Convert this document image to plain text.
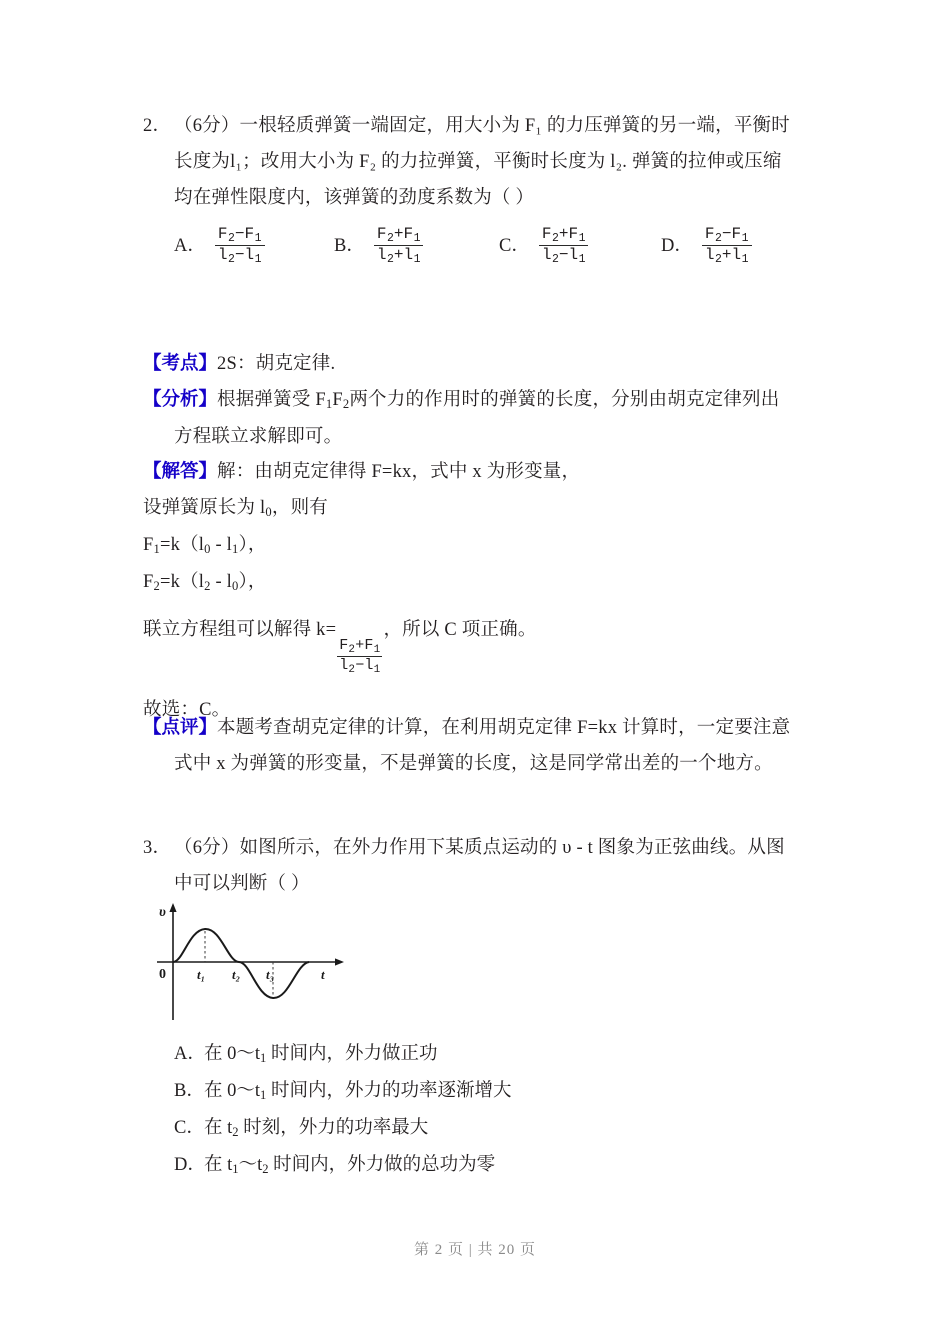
2． （6分）一根轻质弹簧一端固定，用大小为 F₁ 的力压弹簧的另一端，平衡时
长度为l₁；改用大小为 F₂ 的力拉弹簧，平衡时长度为 l₂. 弹簧的拉伸或压缩
均在弹性限度内，该弹簧的劲度系数为（ ）
A． $\frac{F_2-F_1}{l_2-l_1}$	B． $\frac{F_2+F_1}{l_2+l_1}$	C． $\frac{F_2+F_1}{l_2-l_1}$	D． $\frac{F_2-F_1}{l_2+l_1}$
【考点】2S：胡克定律.
【分析】根据弹簧受 $F_1F_2$两个力的作用时的弹簧的长度，分别由胡克定律列出
方程联立求解即可。
【解答】解：由胡克定律得 F=kx，式中 x 为形变量，
设弹簧原长为 $l_0$，则有
$F_1=k(l_0 - l_1)$，
$F_2=k(l_2 - l_0)$，
联立方程组可以解得 k=
$\frac{F_2+F_1}{l_2-l_1}$
，所以 C 项正确。
故选：C。
【点评】本题考查胡克定律的计算，在利用胡克定律 F=kx 计算时，一定要注意
式中 x 为弹簧的形变量，不是弹簧的长度，这是同学常出差的一个地方。
3． （6分）如图所示，在外力作用下某质点运动的 υ - t 图象为正弦曲线。从图
中可以判断（ ）
υ
0 t₁ t₂ t₃	t
A．在 $0\sim t_1$ 时间内，外力做正功
B．在 $0\sim t_1$ 时间内，外力的功率逐渐增大
C．在 $t_2$ 时刻，外力的功率最大
D．在 $t_1\sim t_2$ 时间内，外力做的总功为零
第 2 页 | 共 20 页
